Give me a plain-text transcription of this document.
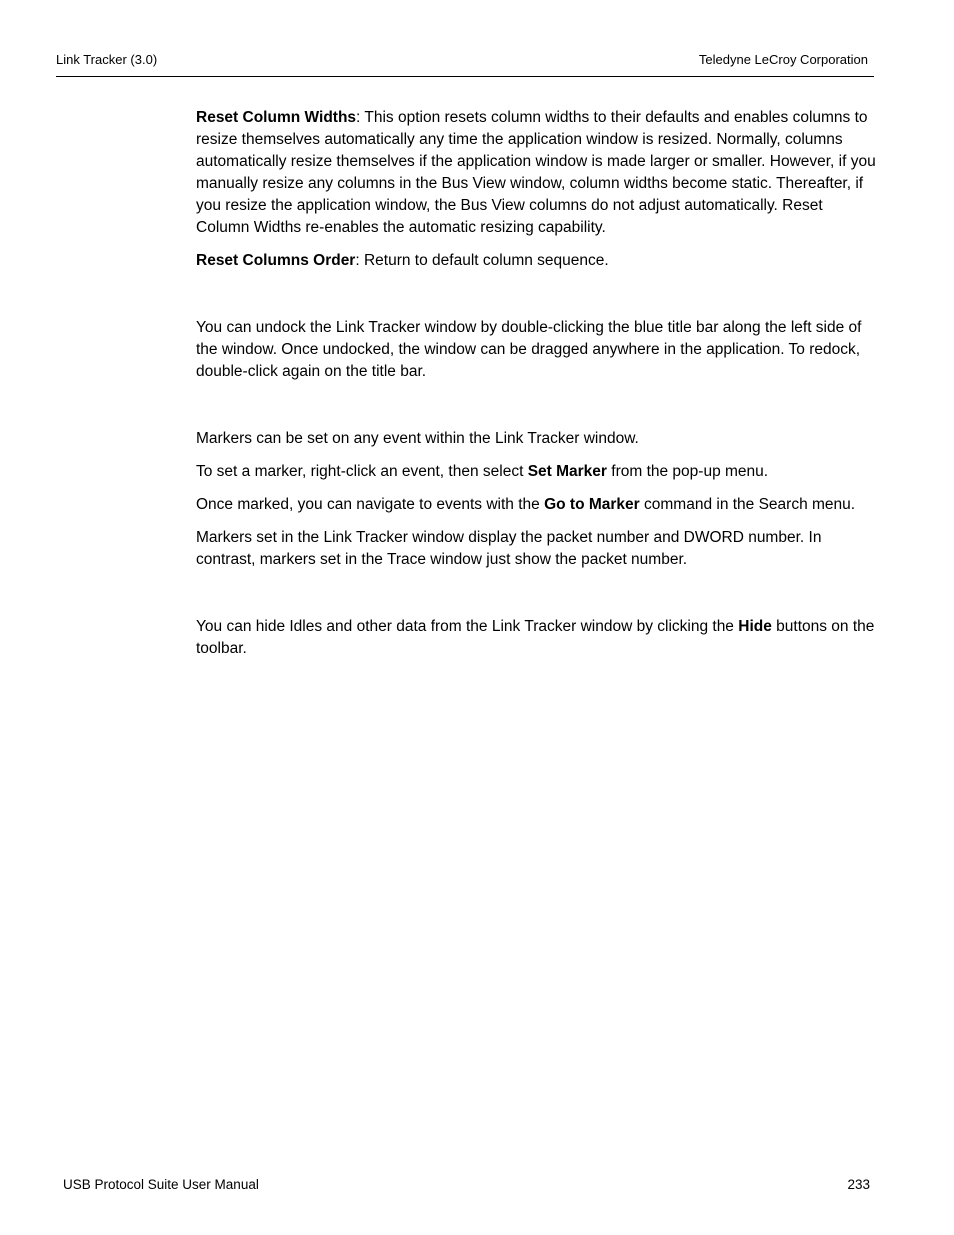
Link Tracker (3.0)	Teledyne LeCroy Corporation

Reset Column Widths: This option resets column widths to their defaults and enables columns to resize themselves automatically any time the application window is resized. Normally, columns automatically resize themselves if the application window is made larger or smaller. However, if you manually resize any columns in the Bus View window, column widths become static. Thereafter, if you resize the application window, the Bus View columns do not adjust automatically. Reset Column Widths re-enables the automatic resizing capability.

Reset Columns Order: Return to default column sequence.

You can undock the Link Tracker window by double-clicking the blue title bar along the left side of the window. Once undocked, the window can be dragged anywhere in the application. To redock, double-click again on the title bar.

Markers can be set on any event within the Link Tracker window.

To set a marker, right-click an event, then select Set Marker from the pop-up menu.

Once marked, you can navigate to events with the Go to Marker command in the Search menu.

Markers set in the Link Tracker window display the packet number and DWORD number. In contrast, markers set in the Trace window just show the packet number.

You can hide Idles and other data from the Link Tracker window by clicking the Hide buttons on the toolbar.

USB Protocol Suite User Manual	233
